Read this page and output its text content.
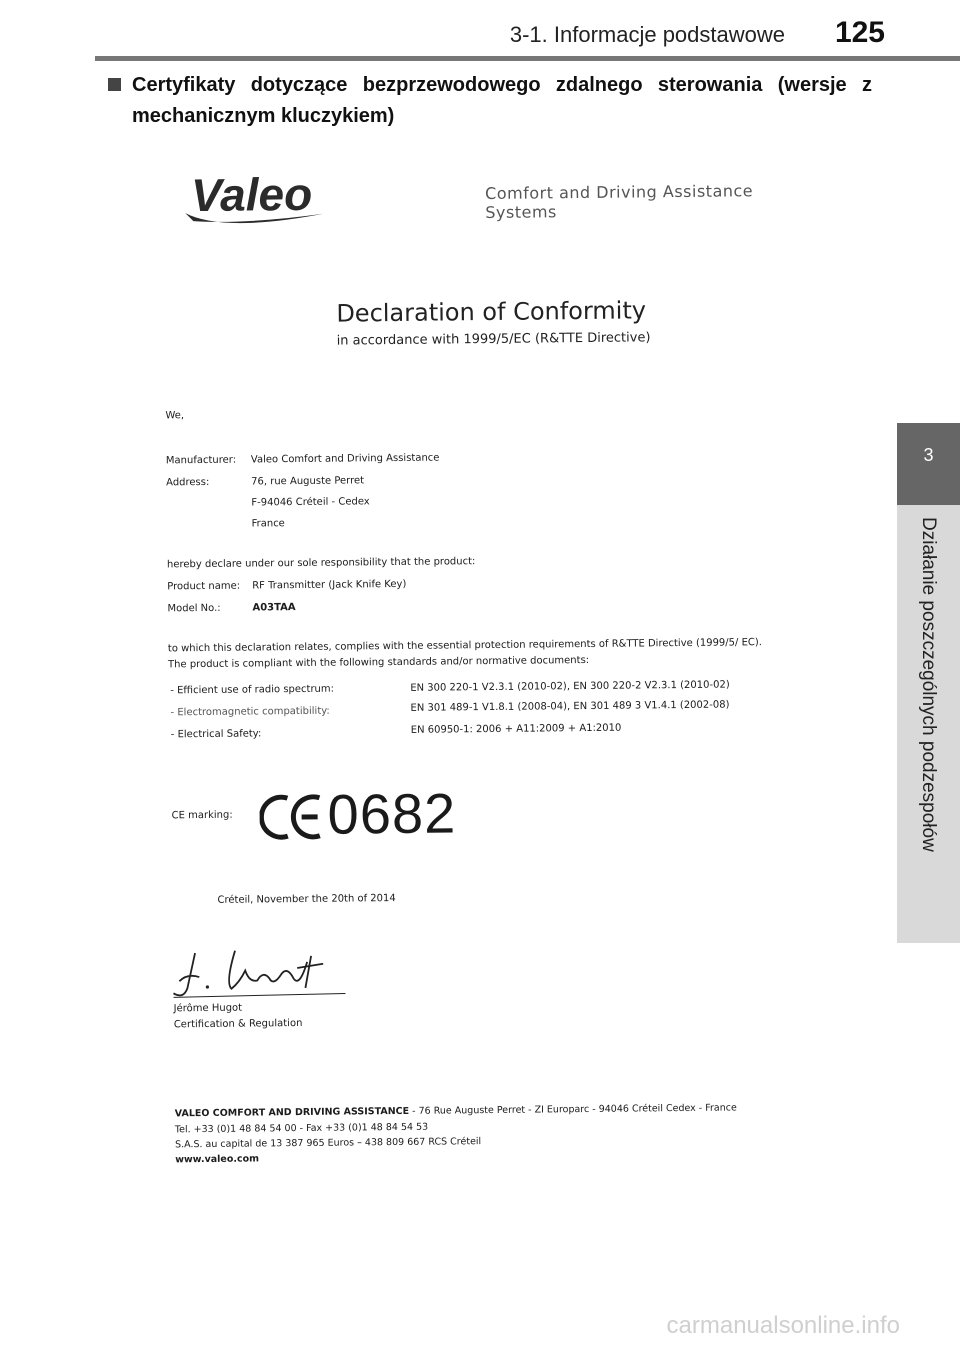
3-1. Informacje podstawowe 125
Certyfikaty dotyczące bezprzewodowego zdalnego sterowania (wersje z mechanicznym kluczykiem)
3
Działanie poszczególnych podzespołów
Valeo	Comfort and Driving Assistance Systems
Declaration of Conformity
in accordance with 1999/5/EC (R&TTE Directive)
We,
Manufacturer: Valeo Comfort and Driving Assistance
Address:	76, rue Auguste Perret
F-94046 Créteil - Cedex
France
hereby declare under our sole responsibility that the product:
Product name: RF Transmitter (Jack Knife Key)
Model No.:	A03TAA
to which this declaration relates, complies with the essential protection requirements of R&TTE Directive (1999/5/ EC).
The product is compliant with the following standards and/or normative documents:
- Efficient use of radio spectrum:	EN 300 220-1 V2.3.1 (2010-02), EN 300 220-2 V2.3.1 (2010-02)
- Electromagnetic compatibility:	EN 301 489-1 V1.8.1 (2008-04), EN 301 489 3 V1.4.1 (2002-08)
- Electrical Safety:	EN 60950-1: 2006 + A11:2009 + A1:2010
CE marking: 0682
Créteil, November the 20th of 2014
Jérôme Hugot
Certification & Regulation
VALEO COMFORT AND DRIVING ASSISTANCE - 76 Rue Auguste Perret - ZI Europarc - 94046 Créteil Cedex - France
Tel. +33 (0)1 48 84 54 00 - Fax +33 (0)1 48 84 54 53
S.A.S. au capital de 13 387 965 Euros – 438 809 667 RCS Créteil
www.valeo.com
carmanualsonline.info
